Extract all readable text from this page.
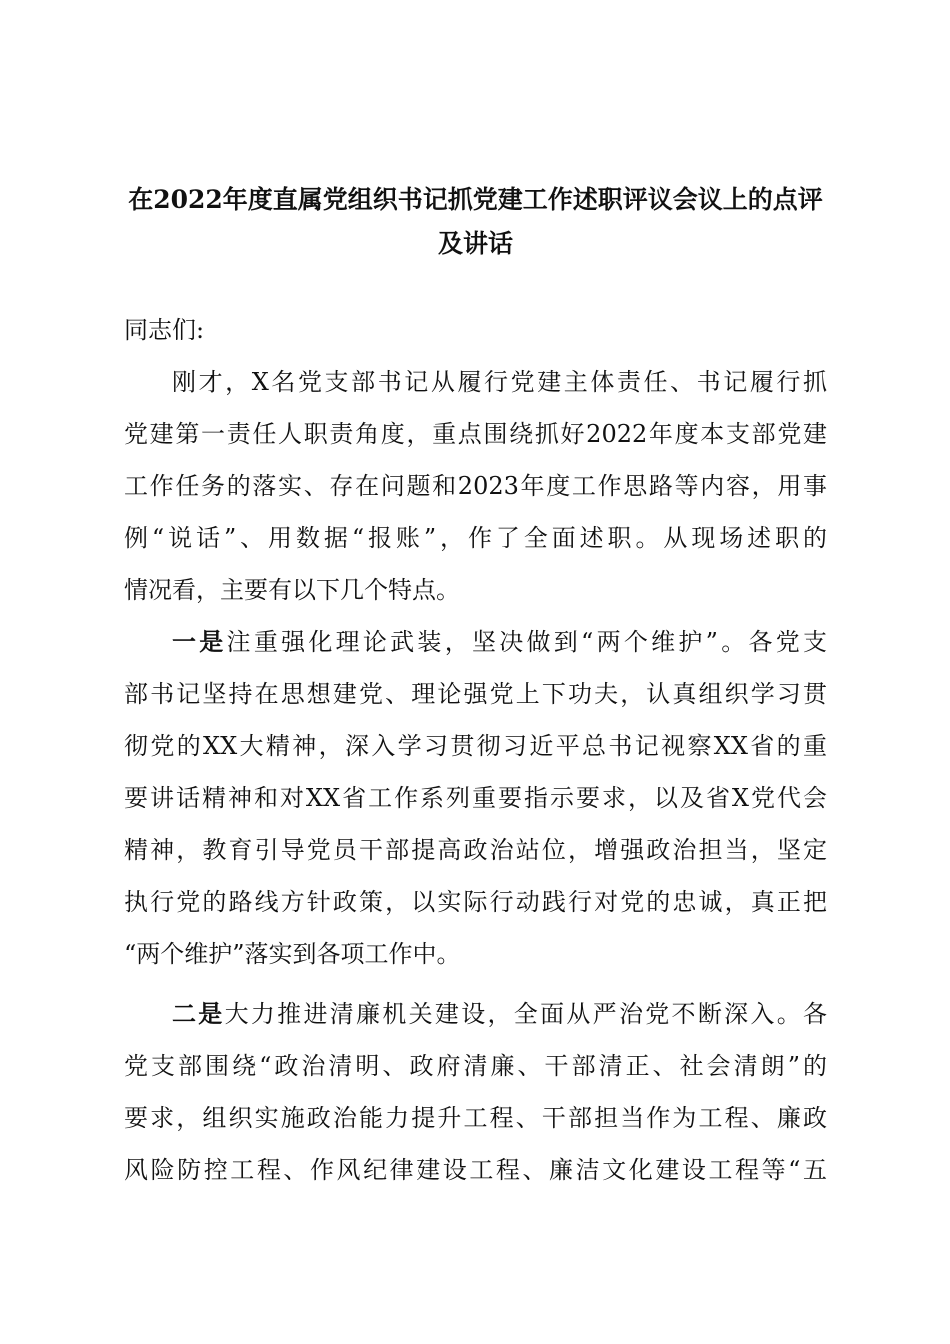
在2022年度直属党组织书记抓党建工作述职评议会议上的点评
及讲话

同志们:

刚才，X名党支部书记从履行党建主体责任、书记履行抓
党建第一责任人职责角度，重点围绕抓好2022年度本支部党建
工作任务的落实、存在问题和2023年度工作思路等内容，用事
例“说话”、用数据“报账”，作了全面述职。从现场述职的
情况看，主要有以下几个特点。

一是注重强化理论武装，坚决做到“两个维护”。各党支
部书记坚持在思想建党、理论强党上下功夫，认真组织学习贯
彻党的XX大精神，深入学习贯彻习近平总书记视察XX省的重
要讲话精神和对XX省工作系列重要指示要求，以及省X党代会
精神，教育引导党员干部提高政治站位，增强政治担当，坚定
执行党的路线方针政策，以实际行动践行对党的忠诚，真正把
“两个维护”落实到各项工作中。

二是大力推进清廉机关建设，全面从严治党不断深入。各
党支部围绕“政治清明、政府清廉、干部清正、社会清朗”的
要求，组织实施政治能力提升工程、干部担当作为工程、廉政
风险防控工程、作风纪律建设工程、廉洁文化建设工程等“五
